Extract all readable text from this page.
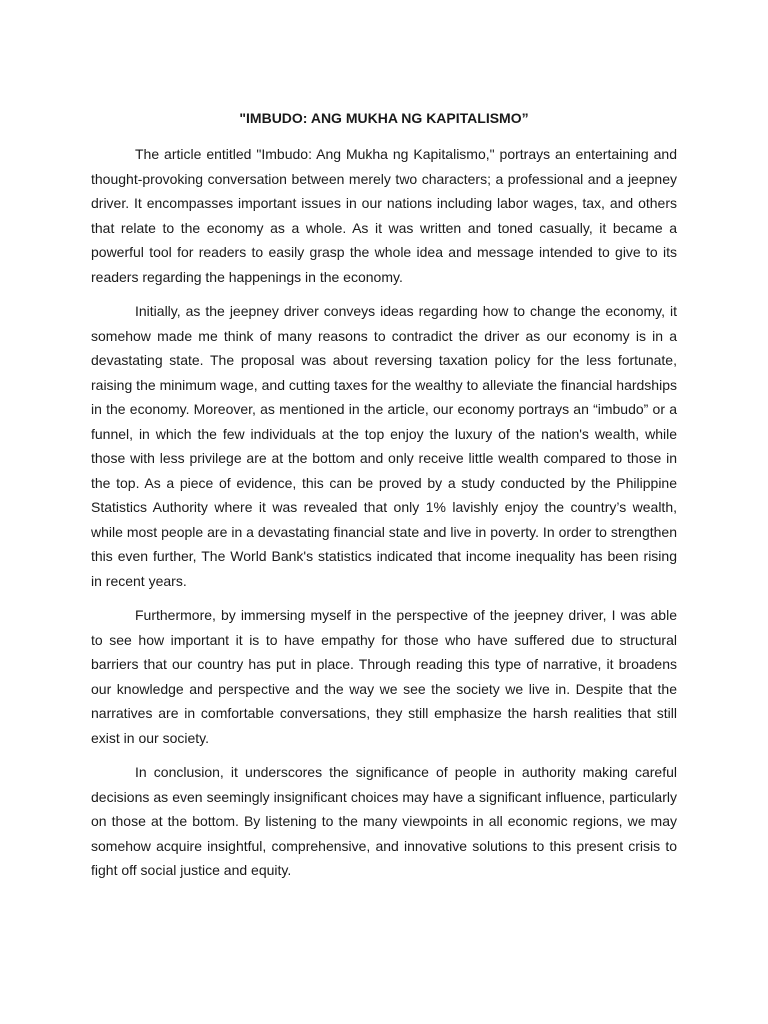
"IMBUDO: ANG MUKHA NG KAPITALISMO”

The article entitled "Imbudo: Ang Mukha ng Kapitalismo," portrays an entertaining and thought-provoking conversation between merely two characters; a professional and a jeepney driver. It encompasses important issues in our nations including labor wages, tax, and others that relate to the economy as a whole. As it was written and toned casually, it became a powerful tool for readers to easily grasp the whole idea and message intended to give to its readers regarding the happenings in the economy.

Initially, as the jeepney driver conveys ideas regarding how to change the economy, it somehow made me think of many reasons to contradict the driver as our economy is in a devastating state. The proposal was about reversing taxation policy for the less fortunate, raising the minimum wage, and cutting taxes for the wealthy to alleviate the financial hardships in the economy. Moreover, as mentioned in the article, our economy portrays an “imbudo” or a funnel, in which the few individuals at the top enjoy the luxury of the nation's wealth, while those with less privilege are at the bottom and only receive little wealth compared to those in the top. As a piece of evidence, this can be proved by a study conducted by the Philippine Statistics Authority where it was revealed that only 1% lavishly enjoy the country’s wealth, while most people are in a devastating financial state and live in poverty. In order to strengthen this even further, The World Bank's statistics indicated that income inequality has been rising in recent years.

Furthermore, by immersing myself in the perspective of the jeepney driver, I was able to see how important it is to have empathy for those who have suffered due to structural barriers that our country has put in place. Through reading this type of narrative, it broadens our knowledge and perspective and the way we see the society we live in. Despite that the narratives are in comfortable conversations, they still emphasize the harsh realities that still exist in our society.

In conclusion, it underscores the significance of people in authority making careful decisions as even seemingly insignificant choices may have a significant influence, particularly on those at the bottom. By listening to the many viewpoints in all economic regions, we may somehow acquire insightful, comprehensive, and innovative solutions to this present crisis to fight off social justice and equity.
